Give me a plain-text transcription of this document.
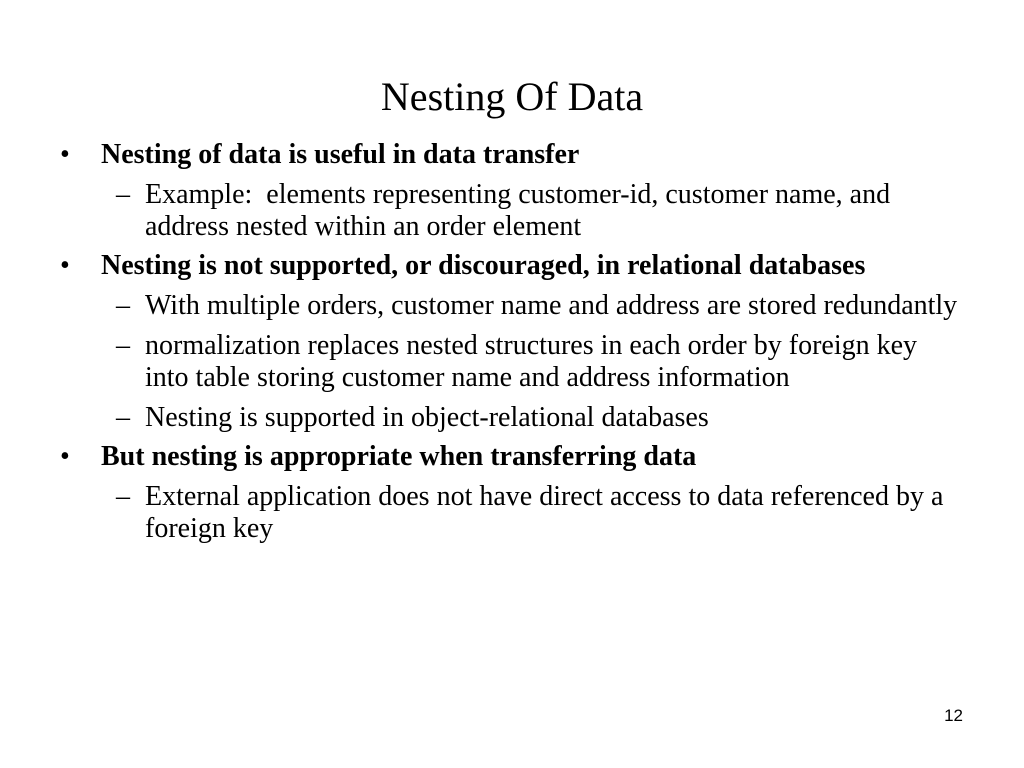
Nesting Of Data
• Nesting of data is useful in data transfer
– Example:  elements representing customer-id, customer name, and address nested within an order element
• Nesting is not supported, or discouraged, in relational databases
– With multiple orders, customer name and address are stored redundantly
– normalization replaces nested structures in each order by foreign key into table storing customer name and address information
– Nesting is supported in object-relational databases
• But nesting is appropriate when transferring data
– External application does not have direct access to data referenced by a foreign key
12
